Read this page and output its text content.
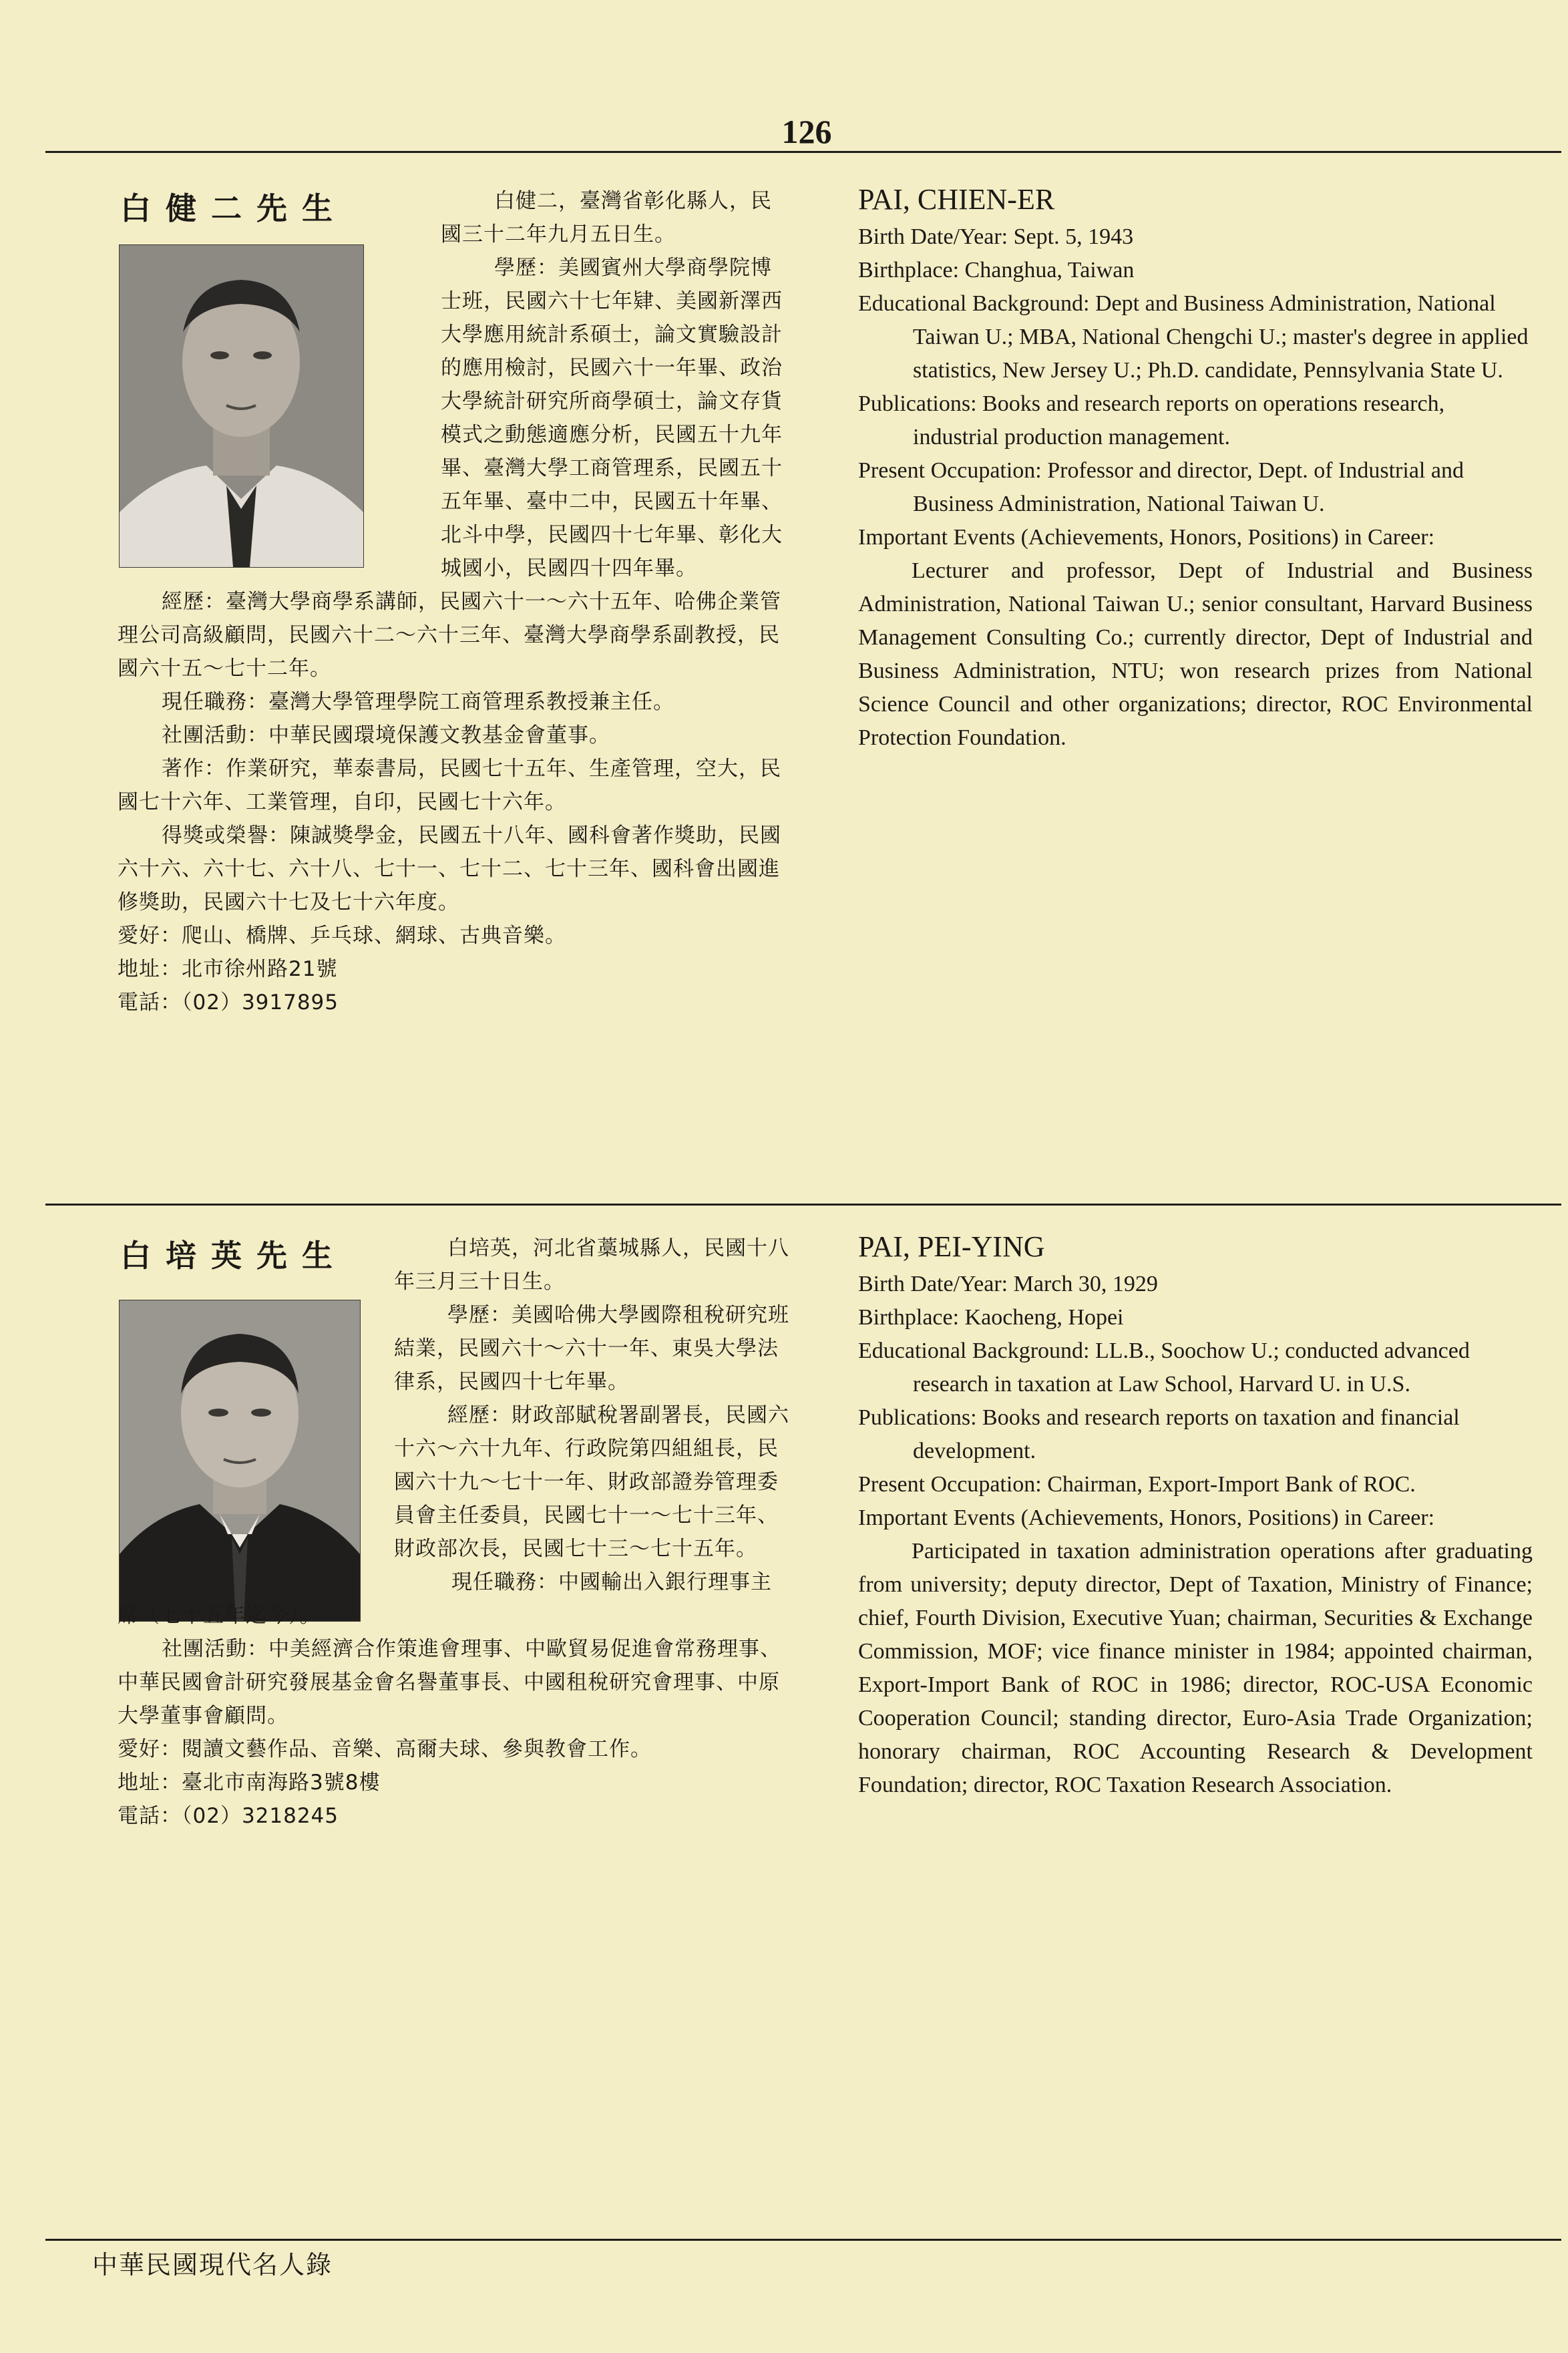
126
白健二先生	白健二，臺灣省彰化縣人，民國三十二年九月五日生。

學歷：美國賓州大學商學院博士班，民國六十七年肄、美國新澤西大學應用統計系碩士，論文實驗設計的應用檢討，民國六十一年畢、政治大學統計研究所商學碩士，論文存貨模式之動態適應分析，民國五十九年畢、臺灣大學工商管理系，民國五十五年畢、臺中二中，民國五十年畢、北斗中學，民國四十七年畢、彰化大城國小，民國四十四年畢。

經歷：臺灣大學商學系講師，民國六十一～六十五年、哈佛企業管理公司高級顧問，民國六十二～六十三年、臺灣大學商學系副教授，民國六十五～七十二年。

現任職務：臺灣大學管理學院工商管理系教授兼主任。

社團活動：中華民國環境保護文教基金會董事。

著作：作業研究，華泰書局，民國七十五年、生產管理，空大，民國七十六年、工業管理，自印，民國七十六年。

得獎或榮譽：陳誠獎學金，民國五十八年、國科會著作獎助，民國六十六、六十七、六十八、七十一、七十二、七十三年、國科會出國進修獎助，民國六十七及七十六年度。

愛好：爬山、橋牌、乒乓球、網球、古典音樂。

地址：北市徐州路21號

電話：（02）3917895

PAI, CHIEN-ER

Birth Date/Year: Sept. 5, 1943

Birthplace: Changhua, Taiwan

Educational Background: Dept and Business Administration, National Taiwan U.; MBA, National Chengchi U.; master's degree in applied statistics, New Jersey U.; Ph.D. candidate, Pennsylvania State U.

Publications: Books and research reports on operations research, industrial production management.

Present Occupation: Professor and director, Dept. of Industrial and Business Administration, National Taiwan U.

Important Events (Achievements, Honors, Positions) in Career:

Lecturer and professor, Dept of Industrial and Business Administration, National Taiwan U.; senior consultant, Harvard Business Management Consulting Co.; currently director, Dept of Industrial and Business Administration, NTU; won research prizes from National Science Council and other organizations; director, ROC Environmental Protection Foundation.

白培英先生	白培英，河北省藁城縣人，民國十八年三月三十日生。

學歷：美國哈佛大學國際租稅研究班結業，民國六十～六十一年、東吳大學法律系，民國四十七年畢。

經歷：財政部賦稅署副署長，民國六十六～六十九年、行政院第四組組長，民國六十九～七十一年、財政部證券管理委員會主任委員，民國七十一～七十三年、財政部次長，民國七十三～七十五年。

現任職務：中國輸出入銀行理事主席（七十五年迄今）。

社團活動：中美經濟合作策進會理事、中歐貿易促進會常務理事、中華民國會計研究發展基金會名譽董事長、中國租稅研究會理事、中原大學董事會顧問。

愛好：閱讀文藝作品、音樂、高爾夫球、參與教會工作。

地址：臺北市南海路3號8樓

電話：（02）3218245

PAI, PEI-YING

Birth Date/Year: March 30, 1929

Birthplace: Kaocheng, Hopei

Educational Background: LL.B., Soochow U.; conducted advanced research in taxation at Law School, Harvard U. in U.S.

Publications: Books and research reports on taxation and financial development.

Present Occupation: Chairman, Export-Import Bank of ROC.

Important Events (Achievements, Honors, Positions) in Career:

Participated in taxation administration operations after graduating from university; deputy director, Dept of Taxation, Ministry of Finance; chief, Fourth Division, Executive Yuan; chairman, Securities & Exchange Commission, MOF; vice finance minister in 1984; appointed chairman, Export-Import Bank of ROC in 1986; director, ROC-USA Economic Cooperation Council; standing director, Euro-Asia Trade Organization; honorary chairman, ROC Accounting Research & Development Foundation; director, ROC Taxation Research Association.

中華民國現代名人錄
